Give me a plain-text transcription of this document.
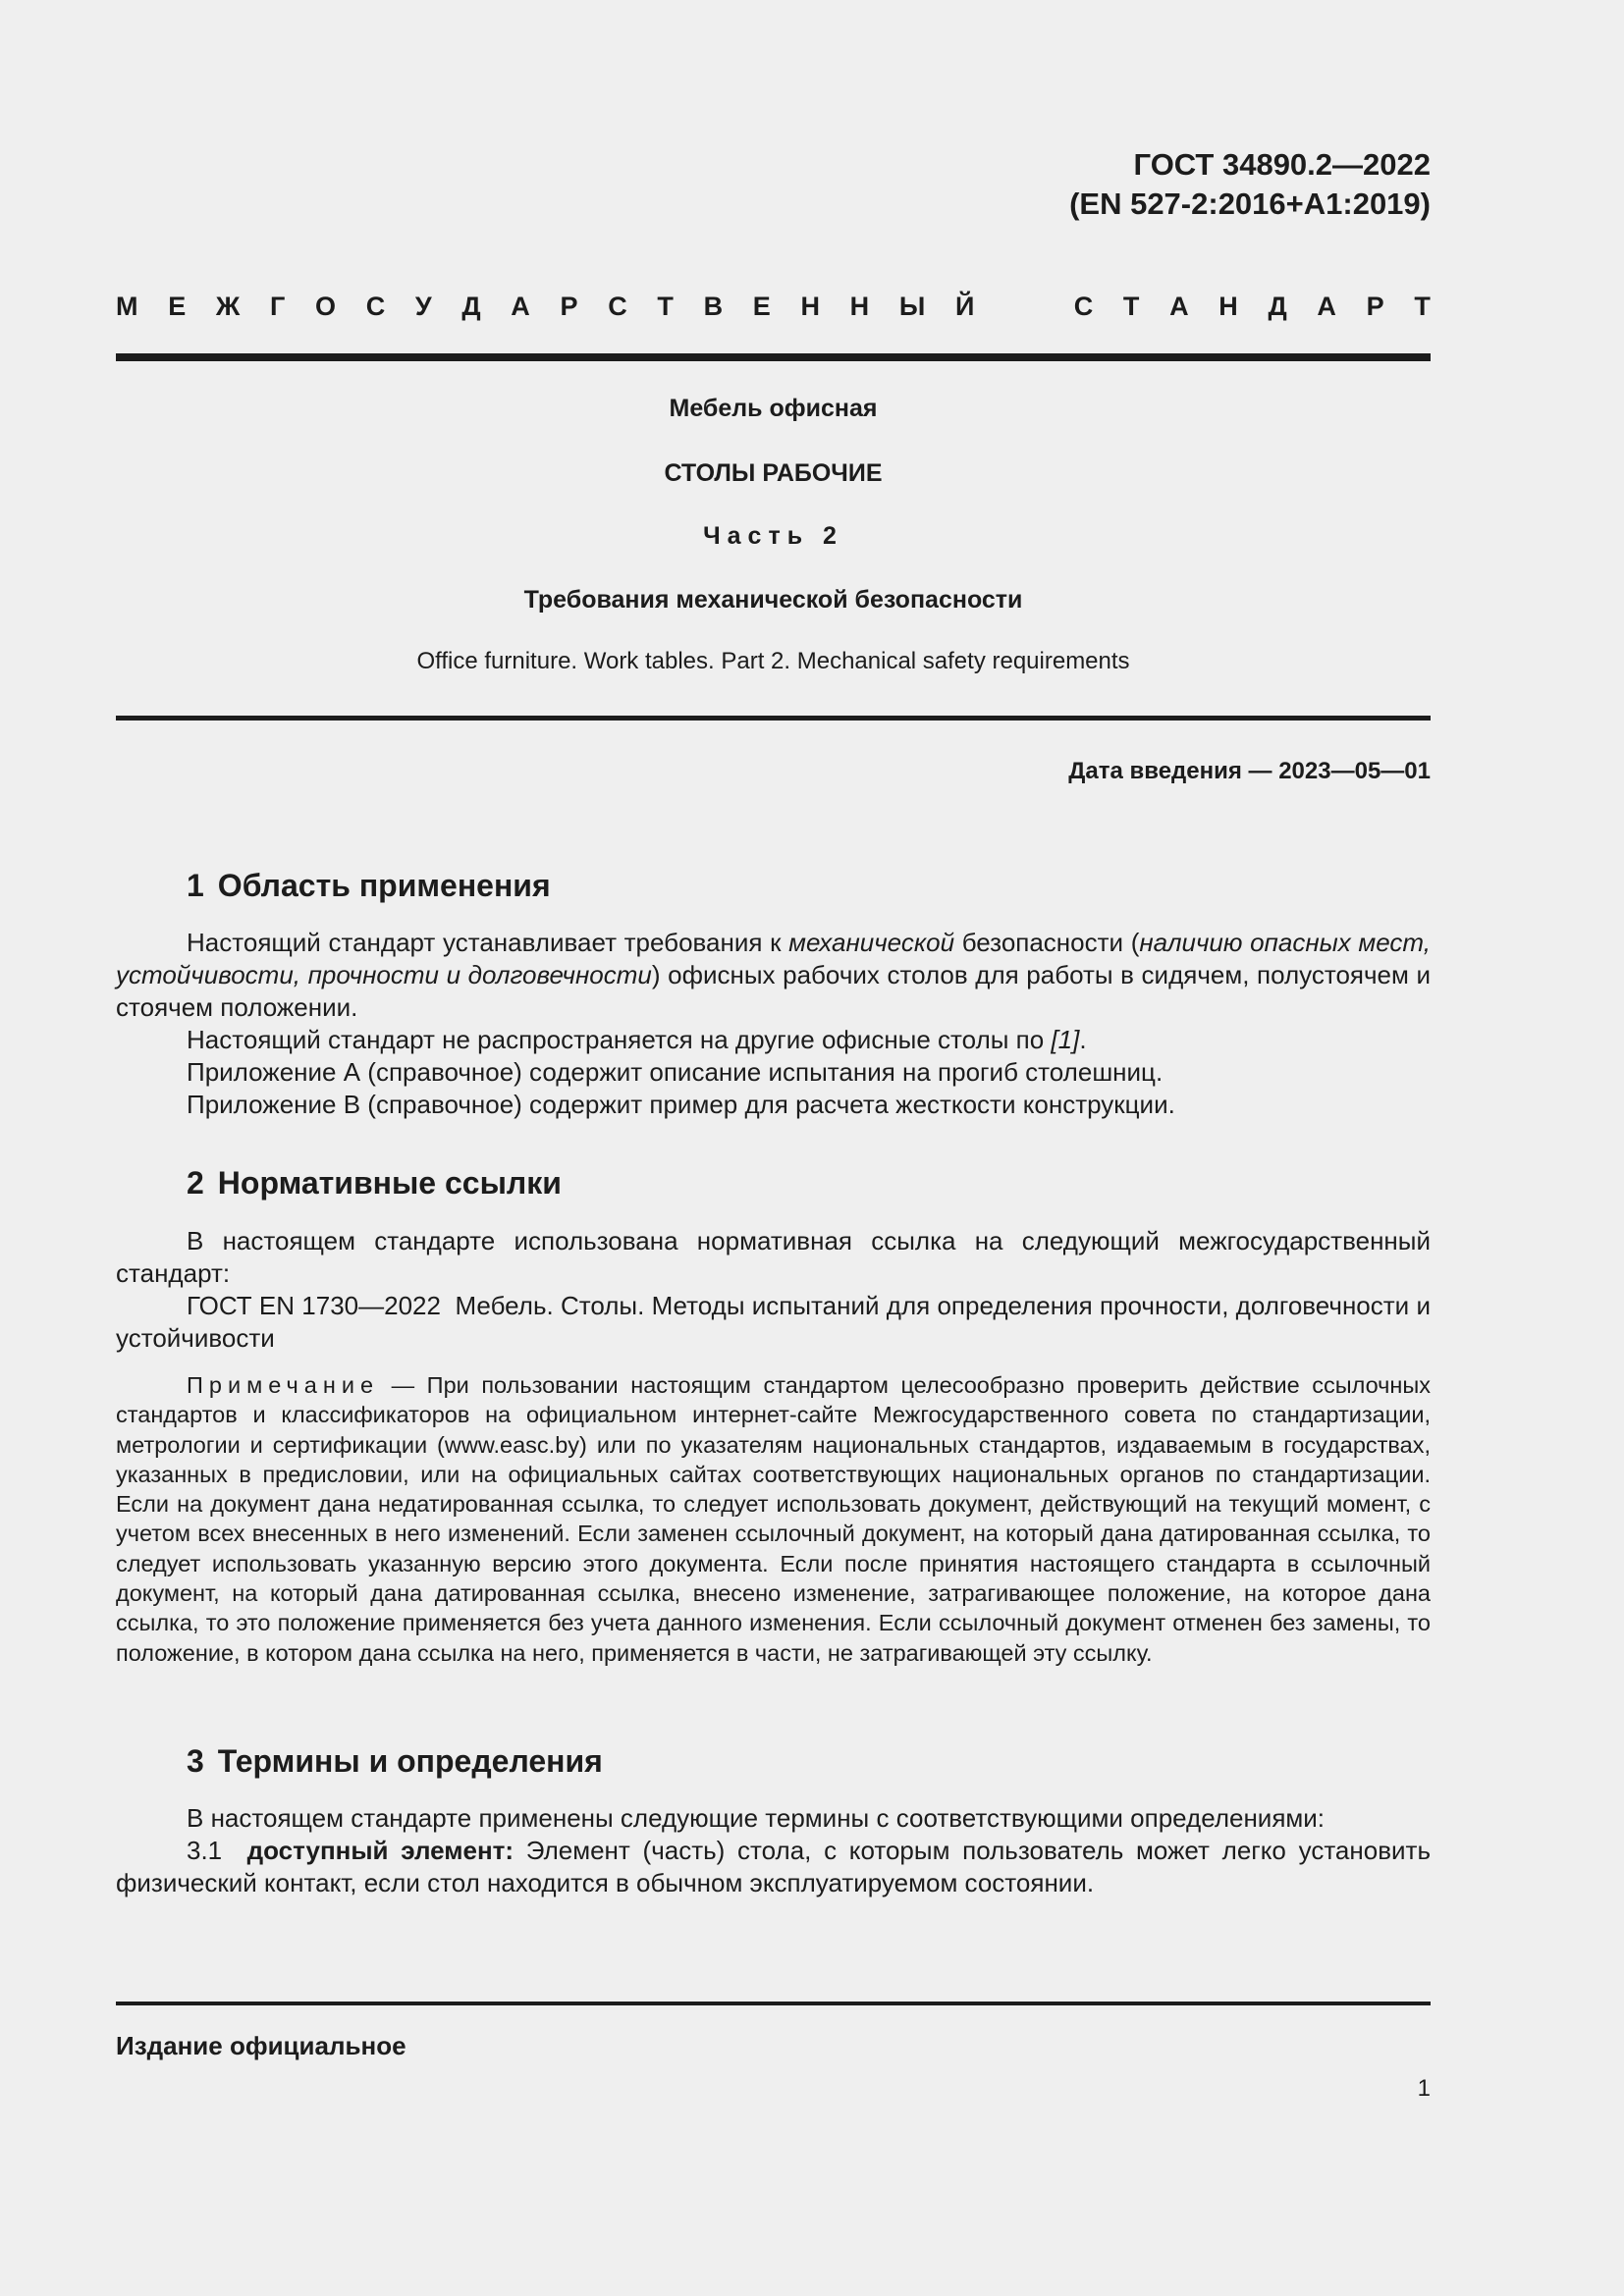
ГОСТ 34890.2—2022
(EN 527-2:2016+A1:2019)
М Е Ж Г О С У Д А Р С Т В Е Н Н Ы Й	С Т А Н Д А Р Т
Мебель офисная
СТОЛЫ РАБОЧИЕ
Часть 2
Требования механической безопасности
Office furniture. Work tables. Part 2. Mechanical safety requirements
Дата введения — 2023—05—01
1 Область применения

Настоящий стандарт устанавливает требования к механической безопасности (наличию опасных мест, устойчивости, прочности и долговечности) офисных рабочих столов для работы в сидячем, полустоячем и стоячем положении.

Настоящий стандарт не распространяется на другие офисные столы по [1].

Приложение А (справочное) содержит описание испытания на прогиб столешниц.

Приложение В (справочное) содержит пример для расчета жесткости конструкции.

2 Нормативные ссылки

В настоящем стандарте использована нормативная ссылка на следующий межгосударственный стандарт:

ГОСТ EN 1730—2022 Мебель. Столы. Методы испытаний для определения прочности, долговечности и устойчивости

Примечание — При пользовании настоящим стандартом целесообразно проверить действие ссылочных стандартов и классификаторов на официальном интернет-сайте Межгосударственного совета по стандартизации, метрологии и сертификации (www.easc.by) или по указателям национальных стандартов, издаваемым в государствах, указанных в предисловии, или на официальных сайтах соответствующих национальных органов по стандартизации. Если на документ дана недатированная ссылка, то следует использовать документ, действующий на текущий момент, с учетом всех внесенных в него изменений. Если заменен ссылочный документ, на который дана датированная ссылка, то следует использовать указанную версию этого документа. Если после принятия настоящего стандарта в ссылочный документ, на который дана датированная ссылка, внесено изменение, затрагивающее положение, на которое дана ссылка, то это положение применяется без учета данного изменения. Если ссылочный документ отменен без замены, то положение, в котором дана ссылка на него, применяется в части, не затрагивающей эту ссылку.

3 Термины и определения

В настоящем стандарте применены следующие термины с соответствующими определениями:

3.1 доступный элемент: Элемент (часть) стола, с которым пользователь может легко установить физический контакт, если стол находится в обычном эксплуатируемом состоянии.

Издание официальное
1
